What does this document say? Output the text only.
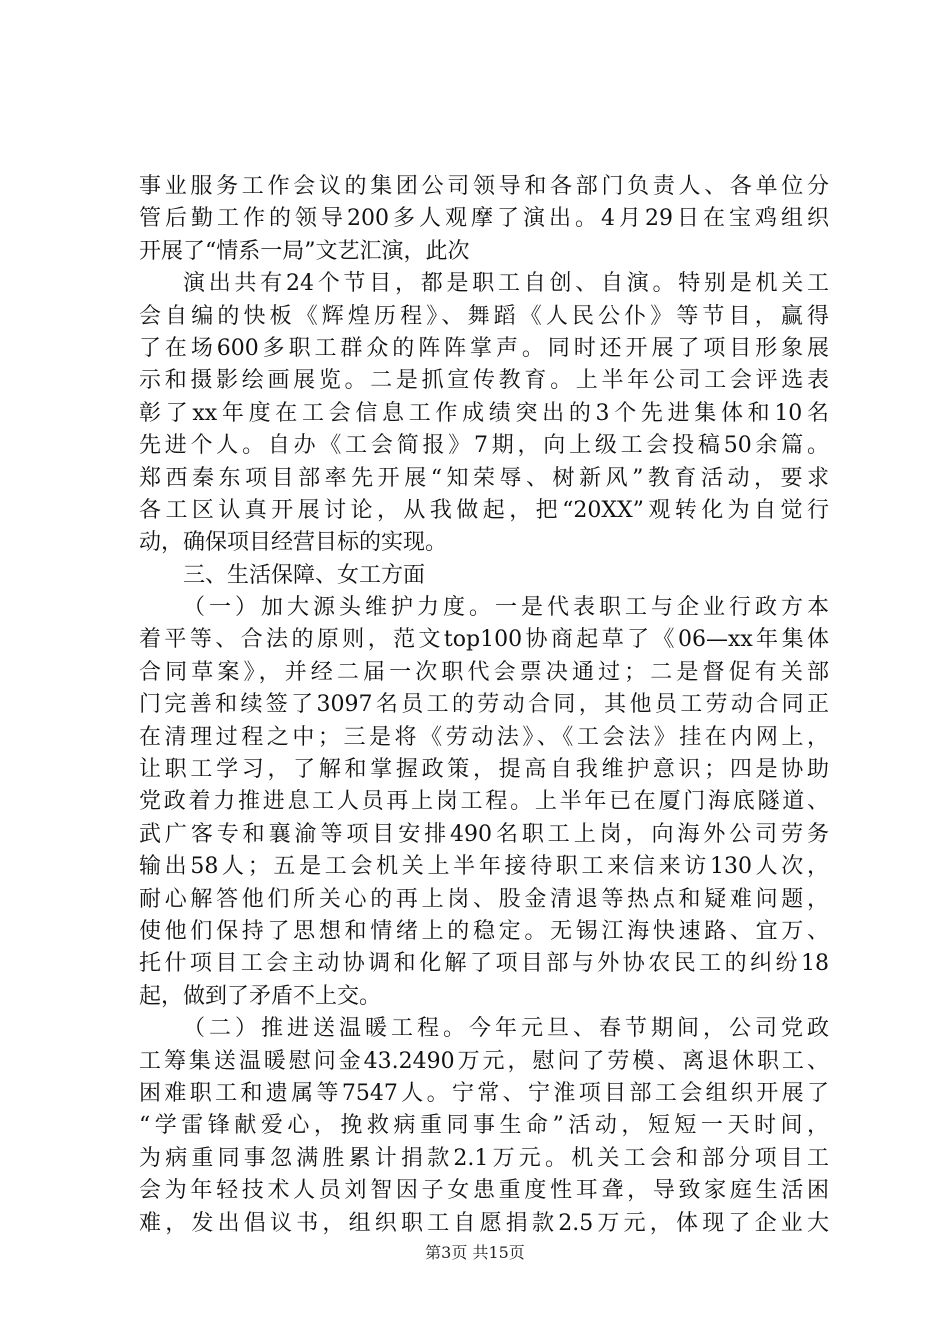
事业服务工作会议的集团公司领导和各部门负责人、各单位分
管后勤工作的领导200多人观摩了演出。4月29日在宝鸡组织
开展了“情系一局”文艺汇演，此次
演出共有24个节目，都是职工自创、自演。特别是机关工
会自编的快板《辉煌历程》、舞蹈《人民公仆》等节目，赢得
了在场600多职工群众的阵阵掌声。同时还开展了项目形象展
示和摄影绘画展览。二是抓宣传教育。上半年公司工会评选表
彰了xx年度在工会信息工作成绩突出的3个先进集体和10名
先进个人。自办《工会简报》7期，向上级工会投稿50余篇。
郑西秦东项目部率先开展“知荣辱、树新风”教育活动，要求
各工区认真开展讨论，从我做起，把“20XX”观转化为自觉行
动，确保项目经营目标的实现。
三、生活保障、女工方面
（一）加大源头维护力度。一是代表职工与企业行政方本
着平等、合法的原则，范文top100协商起草了《06—xx年集体
合同草案》，并经二届一次职代会票决通过；二是督促有关部
门完善和续签了3097名员工的劳动合同，其他员工劳动合同正
在清理过程之中；三是将《劳动法》、《工会法》挂在内网上，
让职工学习，了解和掌握政策，提高自我维护意识；四是协助
党政着力推进息工人员再上岗工程。上半年已在厦门海底隧道、
武广客专和襄渝等项目安排490名职工上岗，向海外公司劳务
输出58人；五是工会机关上半年接待职工来信来访130人次，
耐心解答他们所关心的再上岗、股金清退等热点和疑难问题，
使他们保持了思想和情绪上的稳定。无锡江海快速路、宜万、
托什项目工会主动协调和化解了项目部与外协农民工的纠纷18
起，做到了矛盾不上交。
（二）推进送温暖工程。今年元旦、春节期间，公司党政
工筹集送温暖慰问金43.2490万元，慰问了劳模、离退休职工、
困难职工和遗属等7547人。宁常、宁淮项目部工会组织开展了
“学雷锋献爱心，挽救病重同事生命”活动，短短一天时间，
为病重同事忽满胜累计捐款2.1万元。机关工会和部分项目工
会为年轻技术人员刘智因子女患重度性耳聋，导致家庭生活困
难，发出倡议书，组织职工自愿捐款2.5万元，体现了企业大
第3页 共15页
